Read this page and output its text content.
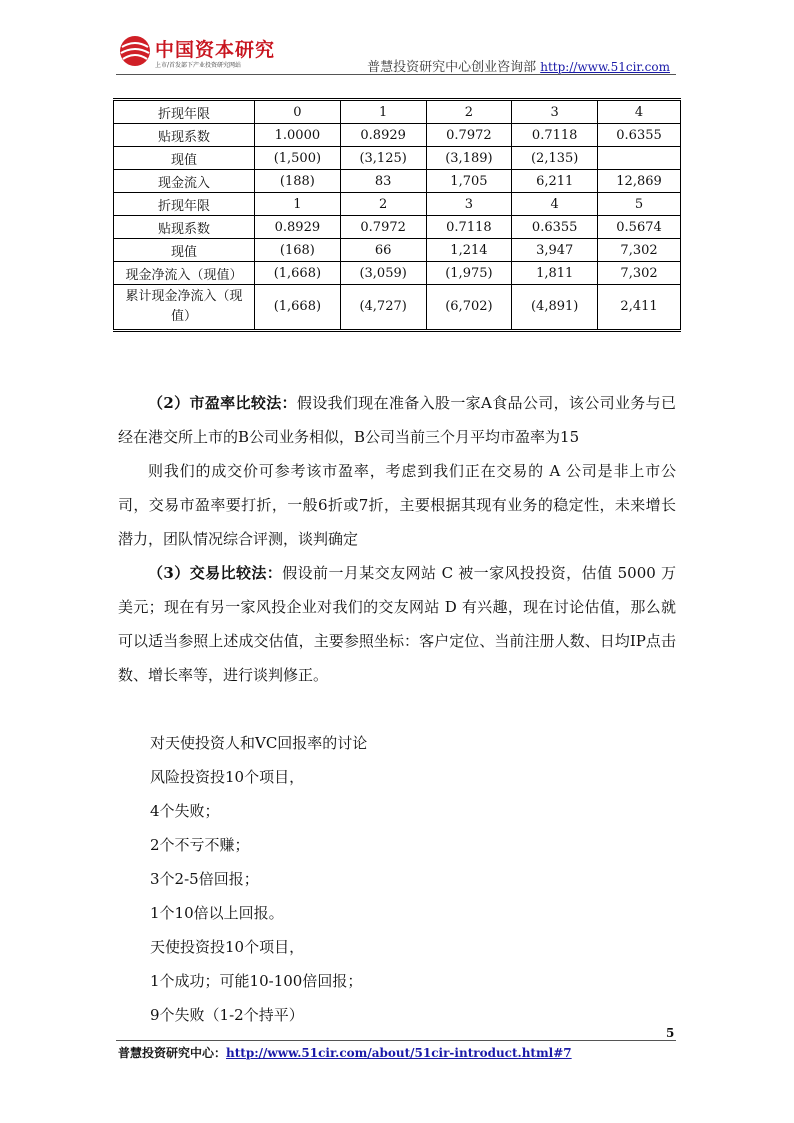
中国资本研究
上市/首发部下产业投资研究网站	普慧投资研究中心创业咨询部 http://www.51cir.com
折现年限	0	1	2	3	4
贴现系数	1.0000	0.8929	0.7972	0.7118	0.6355
现值	(1,500)	(3,125)	(3,189)	(2,135)	
现金流入	(188)	83	1,705	6,211	12,869
折现年限	1	2	3	4	5
贴现系数	0.8929	0.7972	0.7118	0.6355	0.5674
现值	(168)	66	1,214	3,947	7,302
现金净流入（现值）	(1,668)	(3,059)	(1,975)	1,811	7,302
累计现金净流入（现值）	(1,668)	(4,727)	(6,702)	(4,891)	2,411

（2）市盈率比较法：假设我们现在准备入股一家A食品公司，该公司业务与已经在港交所上市的B公司业务相似，B公司当前三个月平均市盈率为15

则我们的成交价可参考该市盈率，考虑到我们正在交易的 A 公司是非上市公司，交易市盈率要打折，一般6折或7折，主要根据其现有业务的稳定性，未来增长潜力，团队情况综合评测，谈判确定

（3）交易比较法：假设前一月某交友网站 C 被一家风投投资，估值 5000 万美元；现在有另一家风投企业对我们的交友网站 D 有兴趣，现在讨论估值，那么就可以适当参照上述成交估值，主要参照坐标：客户定位、当前注册人数、日均IP点击数、增长率等，进行谈判修正。

对天使投资人和VC回报率的讨论

风险投资投10个项目，

4个失败；

2个不亏不赚；

3个2-5倍回报；

1个10倍以上回报。

天使投资投10个项目，

1个成功；可能10-100倍回报；

9个失败（1-2个持平）

5
普慧投资研究中心：http://www.51cir.com/about/51cir-introduct.html#7
